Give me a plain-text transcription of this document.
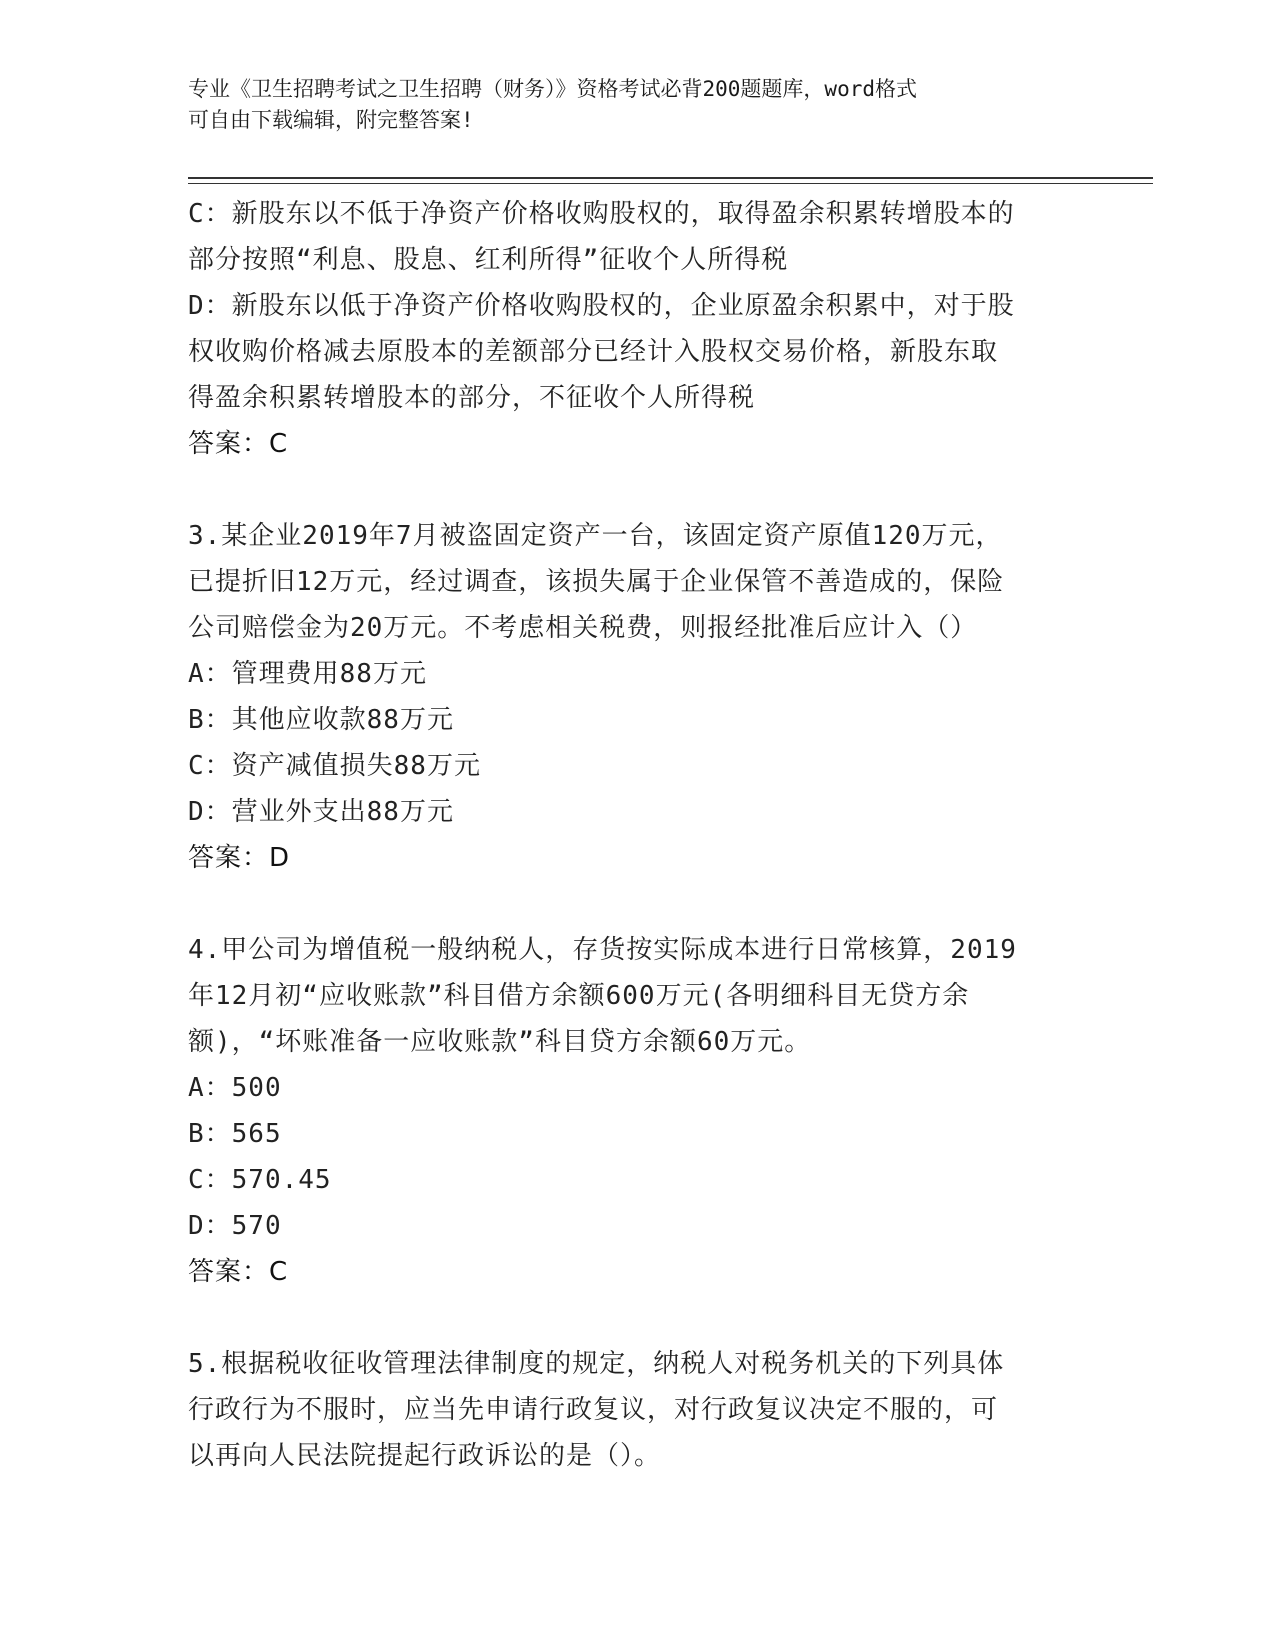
专业《卫生招聘考试之卫生招聘（财务）》资格考试必背200题题库，word格式
可自由下载编辑，附完整答案!
C：新股东以不低于净资产价格收购股权的，取得盈余积累转增股本的
部分按照“利息、股息、红利所得”征收个人所得税
D：新股东以低于净资产价格收购股权的，企业原盈余积累中，对于股
权收购价格减去原股本的差额部分已经计入股权交易价格，新股东取
得盈余积累转增股本的部分，不征收个人所得税
答案：C
3.某企业2019年7月被盗固定资产一台，该固定资产原值120万元，
已提折旧12万元，经过调查，该损失属于企业保管不善造成的，保险
公司赔偿金为20万元。不考虑相关税费，则报经批准后应计入（）
A：管理费用88万元
B：其他应收款88万元
C：资产减值损失88万元
D：营业外支出88万元
答案：D
4.甲公司为增值税一般纳税人，存货按实际成本进行日常核算，2019
年12月初“应收账款”科目借方余额600万元(各明细科目无贷方余
额)，“坏账准备一应收账款”科目贷方余额60万元。
A：500
B：565
C：570.45
D：570
答案：C
5.根据税收征收管理法律制度的规定，纳税人对税务机关的下列具体
行政行为不服时，应当先申请行政复议，对行政复议决定不服的，可
以再向人民法院提起行政诉讼的是（）。
